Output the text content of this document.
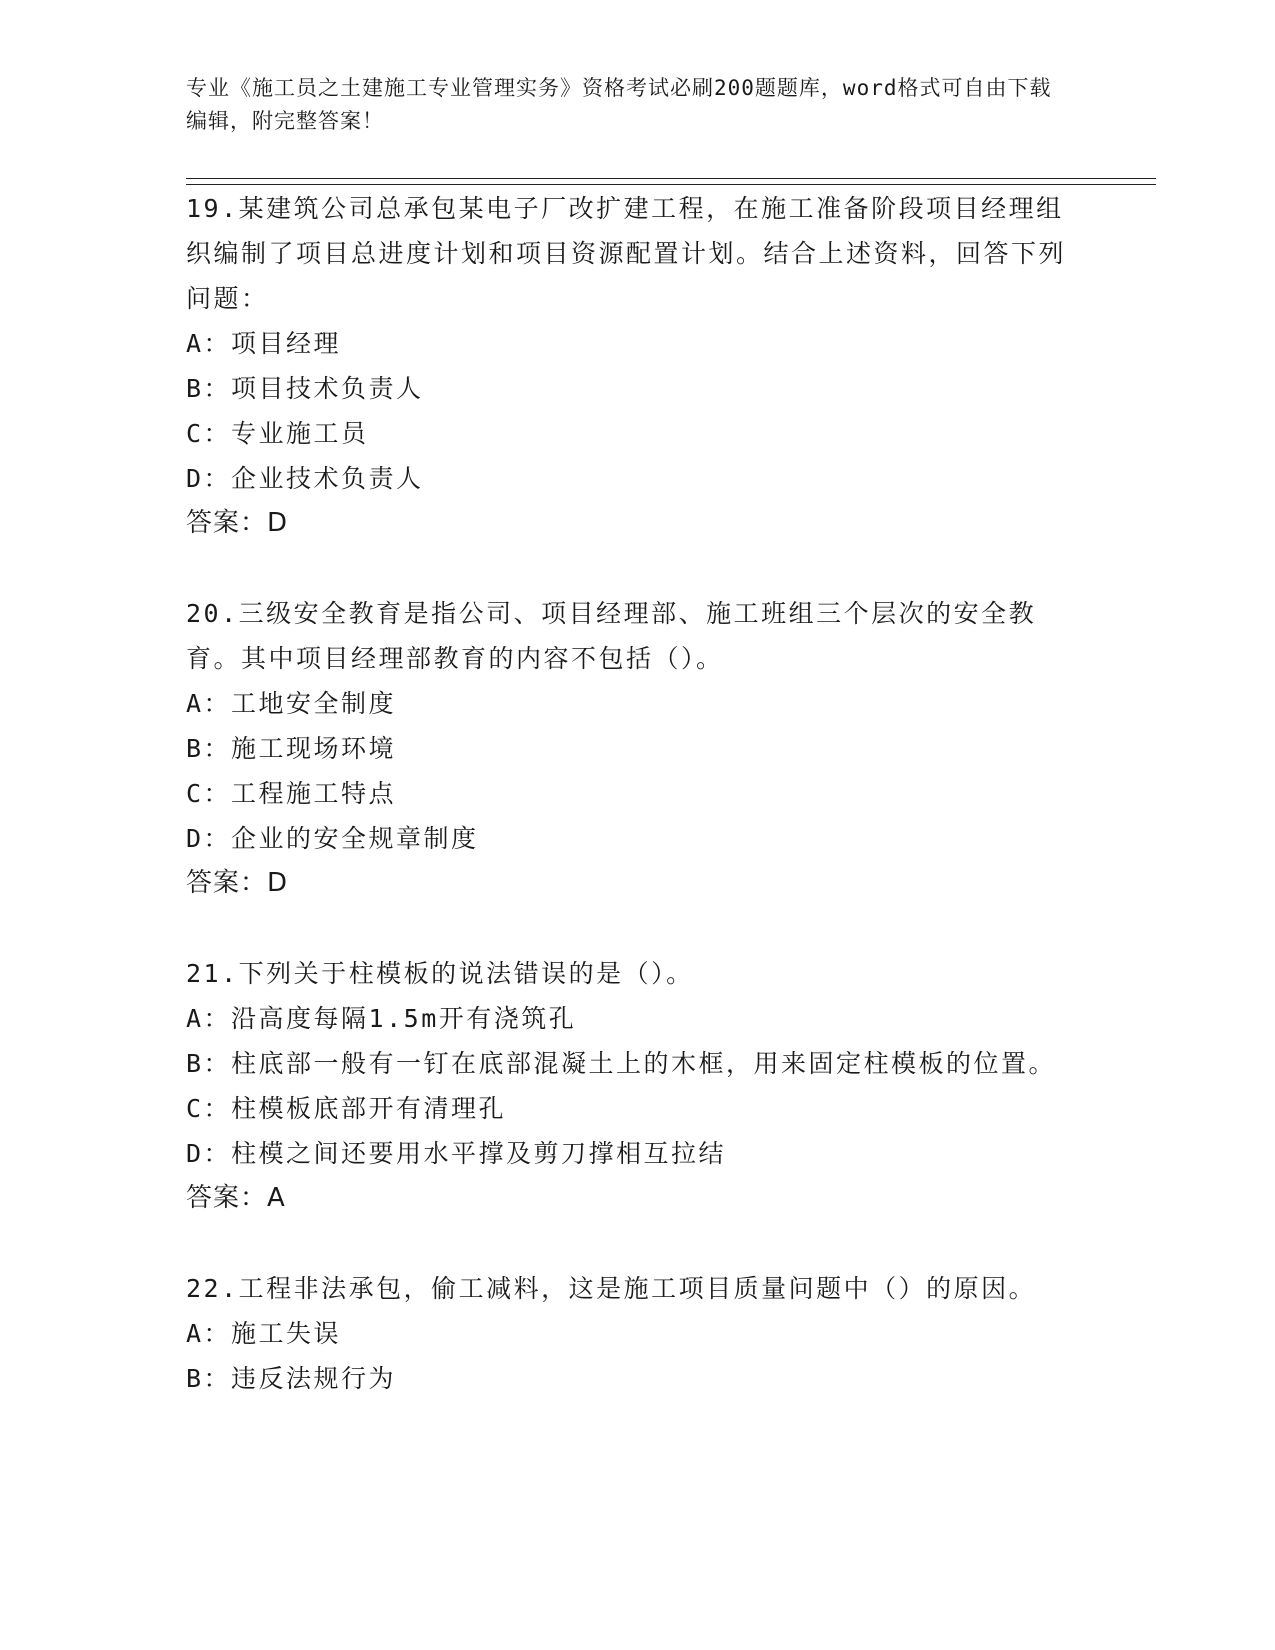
专业《施工员之土建施工专业管理实务》资格考试必刷200题题库，word格式可自由下载编辑，附完整答案！
19.某建筑公司总承包某电子厂改扩建工程，在施工准备阶段项目经理组织编制了项目总进度计划和项目资源配置计划。结合上述资料，回答下列问题：
A：项目经理
B：项目技术负责人
C：专业施工员
D：企业技术负责人
答案：D
20.三级安全教育是指公司、项目经理部、施工班组三个层次的安全教育。其中项目经理部教育的内容不包括（）。
A：工地安全制度
B：施工现场环境
C：工程施工特点
D：企业的安全规章制度
答案：D
21.下列关于柱模板的说法错误的是（）。
A：沿高度每隔1.5m开有浇筑孔
B：柱底部一般有一钉在底部混凝土上的木框，用来固定柱模板的位置。
C：柱模板底部开有清理孔
D：柱模之间还要用水平撑及剪刀撑相互拉结
答案：A
22.工程非法承包，偷工减料，这是施工项目质量问题中（）的原因。
A：施工失误
B：违反法规行为
